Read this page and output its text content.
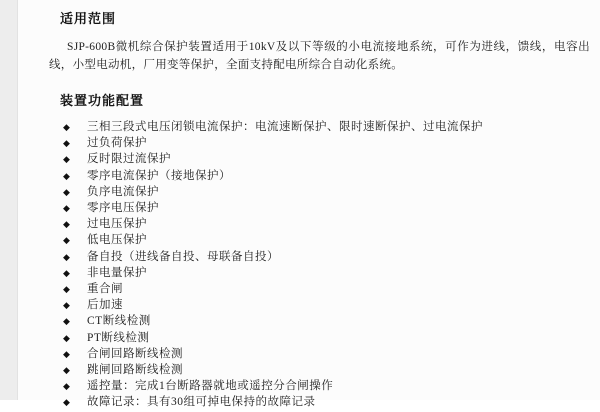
适用范围

SJP-600B微机综合保护装置适用于10kV及以下等级的小电流接地系统，可作为进线，馈线，电容出线，小型电动机，厂用变等保护，全面支持配电所综合自动化系统。

装置功能配置
◆	三相三段式电压闭锁电流保护：电流速断保护、限时速断保护、过电流保护
◆	过负荷保护
◆	反时限过流保护
◆	零序电流保护（接地保护）
◆	负序电流保护
◆	零序电压保护
◆	过电压保护
◆	低电压保护
◆	备自投（进线备自投、母联备自投）
◆	非电量保护
◆	重合闸
◆	后加速
◆	CT断线检测
◆	PT断线检测
◆	合闸回路断线检测
◆	跳闸回路断线检测
◆	遥控量：完成1台断路器就地或遥控分合闸操作
◆	故障记录：具有30组可掉电保持的故障记录
